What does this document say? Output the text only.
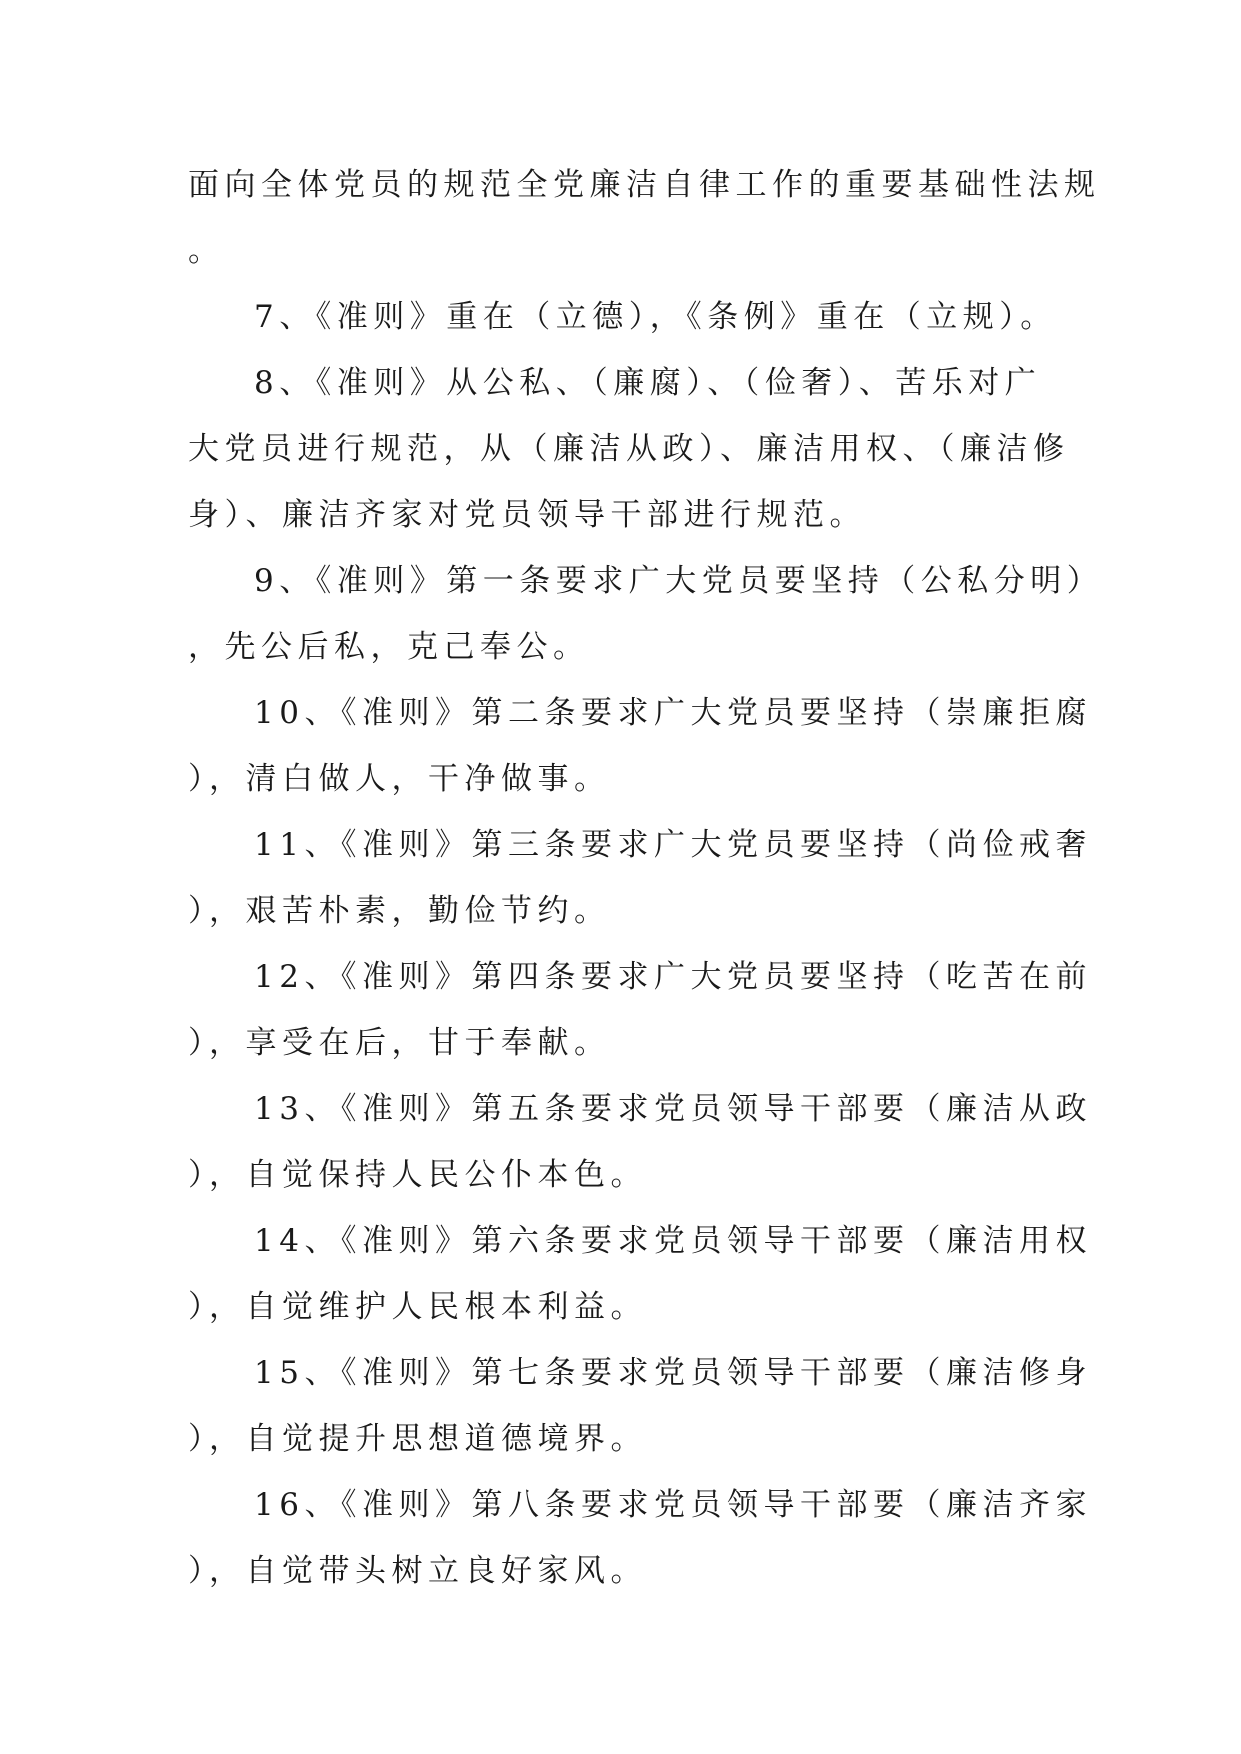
面向全体党员的规范全党廉洁自律工作的重要基础性法规
。
7、《准则》重在（立德），《条例》重在（立规）。
8、《准则》从公私、（廉腐）、（俭奢）、苦乐对广
大党员进行规范，从（廉洁从政）、廉洁用权、（廉洁修
身）、廉洁齐家对党员领导干部进行规范。
9、《准则》第一条要求广大党员要坚持（公私分明）
，先公后私，克己奉公。
10、《准则》第二条要求广大党员要坚持（崇廉拒腐
），清白做人，干净做事。
11、《准则》第三条要求广大党员要坚持（尚俭戒奢
），艰苦朴素，勤俭节约。
12、《准则》第四条要求广大党员要坚持（吃苦在前
），享受在后，甘于奉献。
13、《准则》第五条要求党员领导干部要（廉洁从政
），自觉保持人民公仆本色。
14、《准则》第六条要求党员领导干部要（廉洁用权
），自觉维护人民根本利益。
15、《准则》第七条要求党员领导干部要（廉洁修身
），自觉提升思想道德境界。
16、《准则》第八条要求党员领导干部要（廉洁齐家
），自觉带头树立良好家风。
